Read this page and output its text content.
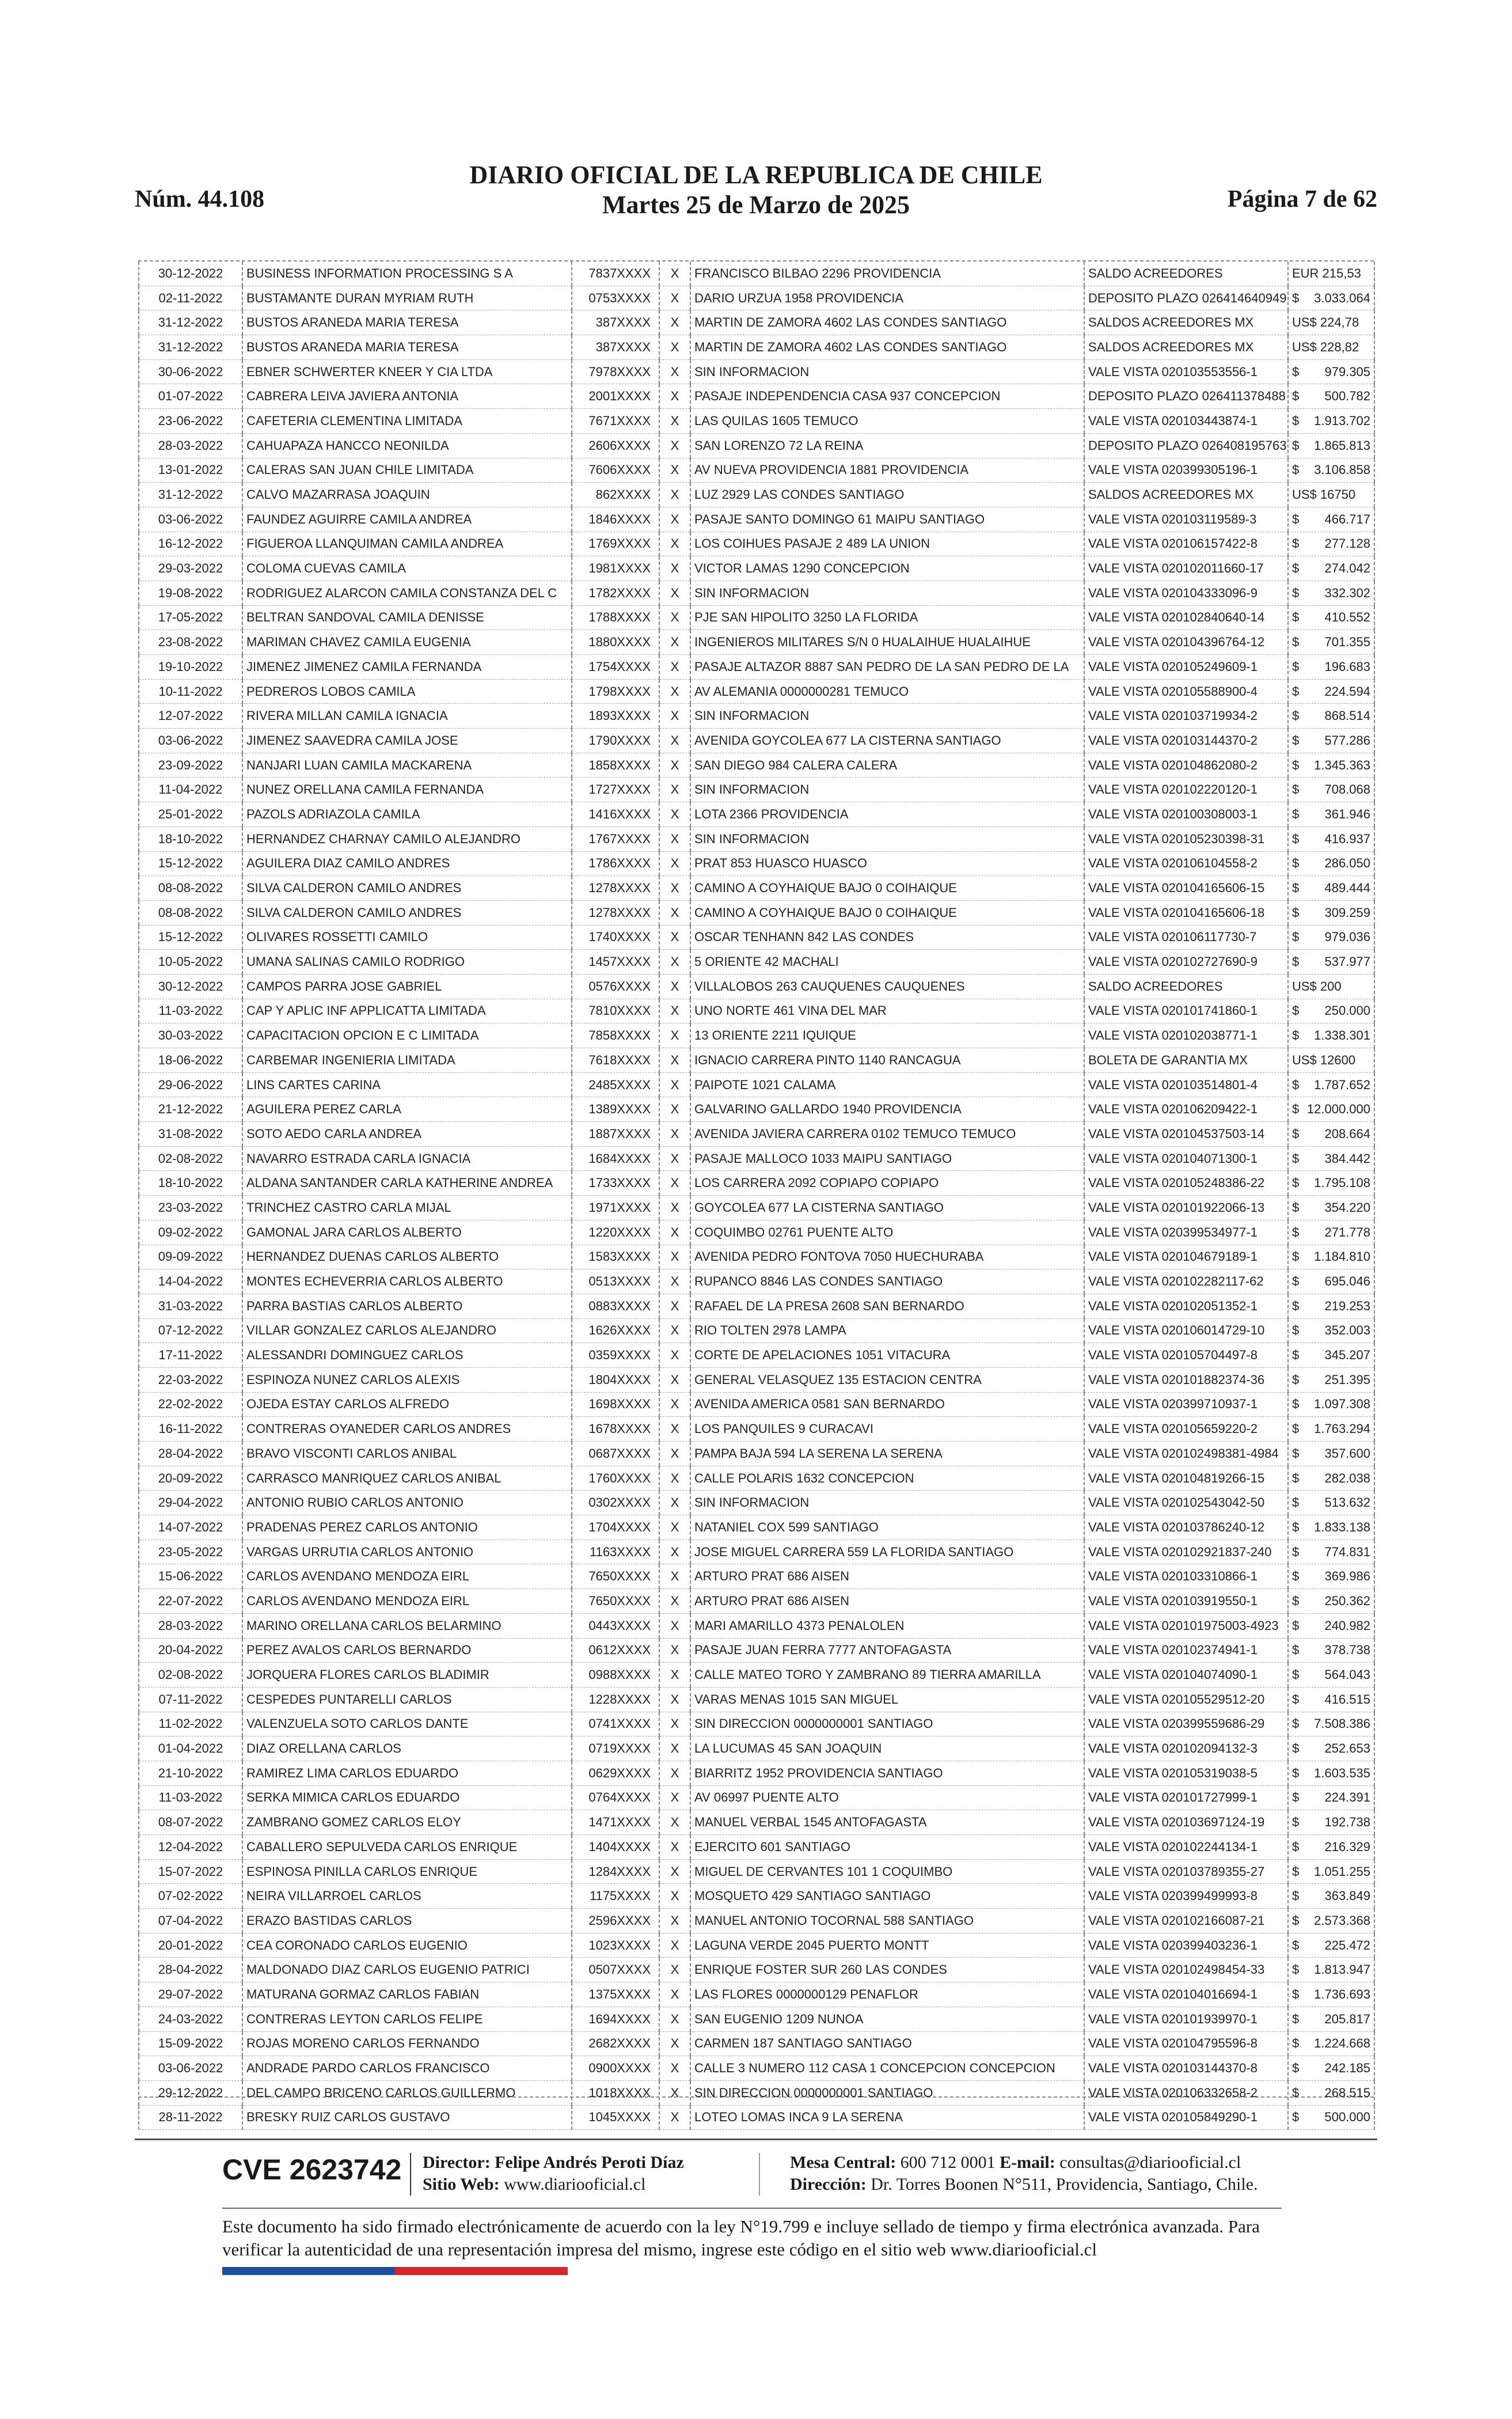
Núm. 44.108
DIARIO OFICIAL DE LA REPUBLICA DE CHILE
Martes 25 de Marzo de 2025	Página 7 de 62
30-12-2022	BUSINESS INFORMATION PROCESSING S A	7837XXXX	X	FRANCISCO BILBAO 2296 PROVIDENCIA	SALDO ACREEDORES	EUR 215,53
02-11-2022	BUSTAMANTE DURAN MYRIAM RUTH	0753XXXX	X	DARIO URZUA 1958 PROVIDENCIA	DEPOSITO PLAZO 026414640949	$ 3.033.064

31-12-2022	BUSTOS ARANEDA MARIA TERESA	387XXXX	X	MARTIN DE ZAMORA 4602 LAS CONDES SANTIAGO	SALDOS ACREEDORES MX	US$ 224,78
31-12-2022	BUSTOS ARANEDA MARIA TERESA	387XXXX	X	MARTIN DE ZAMORA 4602 LAS CONDES SANTIAGO	SALDOS ACREEDORES MX	US$ 228,82
30-06-2022	EBNER SCHWERTER KNEER Y CIA LTDA	7978XXXX	X	SIN INFORMACION	VALE VISTA 020103553556-1	$ 979.305

01-07-2022	CABRERA LEIVA JAVIERA ANTONIA	2001XXXX	X	PASAJE INDEPENDENCIA CASA 937 CONCEPCION	DEPOSITO PLAZO 026411378488	$ 500.782

23-06-2022	CAFETERIA CLEMENTINA LIMITADA	7671XXXX	X	LAS QUILAS 1605 TEMUCO	VALE VISTA 020103443874-1	$ 1.913.702

28-03-2022	CAHUAPAZA HANCCO NEONILDA	2606XXXX	X	SAN LORENZO 72 LA REINA	DEPOSITO PLAZO 026408195763	$ 1.865.813

13-01-2022	CALERAS SAN JUAN CHILE LIMITADA	7606XXXX	X	AV NUEVA PROVIDENCIA 1881 PROVIDENCIA	VALE VISTA 020399305196-1	$ 3.106.858

31-12-2022	CALVO MAZARRASA JOAQUIN	862XXXX	X	LUZ 2929 LAS CONDES SANTIAGO	SALDOS ACREEDORES MX	US$ 16750
03-06-2022	FAUNDEZ AGUIRRE CAMILA ANDREA	1846XXXX	X	PASAJE SANTO DOMINGO 61 MAIPU SANTIAGO	VALE VISTA 020103119589-3	$ 466.717

16-12-2022	FIGUEROA LLANQUIMAN CAMILA ANDREA	1769XXXX	X	LOS COIHUES PASAJE 2 489 LA UNION	VALE VISTA 020106157422-8	$ 277.128

29-03-2022	COLOMA CUEVAS CAMILA	1981XXXX	X	VICTOR LAMAS 1290 CONCEPCION	VALE VISTA 020102011660-17	$ 274.042

19-08-2022	RODRIGUEZ ALARCON CAMILA CONSTANZA DEL C	1782XXXX	X	SIN INFORMACION	VALE VISTA 020104333096-9	$ 332.302

17-05-2022	BELTRAN SANDOVAL CAMILA DENISSE	1788XXXX	X	PJE SAN HIPOLITO 3250 LA FLORIDA	VALE VISTA 020102840640-14	$ 410.552

23-08-2022	MARIMAN CHAVEZ CAMILA EUGENIA	1880XXXX	X	INGENIEROS MILITARES S/N 0 HUALAIHUE HUALAIHUE	VALE VISTA 020104396764-12	$ 701.355

19-10-2022	JIMENEZ JIMENEZ CAMILA FERNANDA	1754XXXX	X	PASAJE ALTAZOR 8887 SAN PEDRO DE LA SAN PEDRO DE LA	VALE VISTA 020105249609-1	$ 196.683

10-11-2022	PEDREROS LOBOS CAMILA	1798XXXX	X	AV ALEMANIA 0000000281 TEMUCO	VALE VISTA 020105588900-4	$ 224.594

12-07-2022	RIVERA MILLAN CAMILA IGNACIA	1893XXXX	X	SIN INFORMACION	VALE VISTA 020103719934-2	$ 868.514

03-06-2022	JIMENEZ SAAVEDRA CAMILA JOSE	1790XXXX	X	AVENIDA GOYCOLEA 677 LA CISTERNA SANTIAGO	VALE VISTA 020103144370-2	$ 577.286

23-09-2022	NANJARI LUAN CAMILA MACKARENA	1858XXXX	X	SAN DIEGO 984 CALERA CALERA	VALE VISTA 020104862080-2	$ 1.345.363

11-04-2022	NUNEZ ORELLANA CAMILA FERNANDA	1727XXXX	X	SIN INFORMACION	VALE VISTA 020102220120-1	$ 708.068

25-01-2022	PAZOLS ADRIAZOLA CAMILA	1416XXXX	X	LOTA 2366 PROVIDENCIA	VALE VISTA 020100308003-1	$ 361.946

18-10-2022	HERNANDEZ CHARNAY CAMILO ALEJANDRO	1767XXXX	X	SIN INFORMACION	VALE VISTA 020105230398-31	$ 416.937

15-12-2022	AGUILERA DIAZ CAMILO ANDRES	1786XXXX	X	PRAT 853 HUASCO HUASCO	VALE VISTA 020106104558-2	$ 286.050

08-08-2022	SILVA CALDERON CAMILO ANDRES	1278XXXX	X	CAMINO A COYHAIQUE BAJO 0 COIHAIQUE	VALE VISTA 020104165606-15	$ 489.444

08-08-2022	SILVA CALDERON CAMILO ANDRES	1278XXXX	X	CAMINO A COYHAIQUE BAJO 0 COIHAIQUE	VALE VISTA 020104165606-18	$ 309.259

15-12-2022	OLIVARES ROSSETTI CAMILO	1740XXXX	X	OSCAR TENHANN 842 LAS CONDES	VALE VISTA 020106117730-7	$ 979.036

10-05-2022	UMANA SALINAS CAMILO RODRIGO	1457XXXX	X	5 ORIENTE 42 MACHALI	VALE VISTA 020102727690-9	$ 537.977

30-12-2022	CAMPOS PARRA JOSE GABRIEL	0576XXXX	X	VILLALOBOS 263 CAUQUENES CAUQUENES	SALDO ACREEDORES	US$ 200
11-03-2022	CAP Y APLIC INF APPLICATTA LIMITADA	7810XXXX	X	UNO NORTE 461 VINA DEL MAR	VALE VISTA 020101741860-1	$ 250.000

30-03-2022	CAPACITACION OPCION E C LIMITADA	7858XXXX	X	13 ORIENTE 2211 IQUIQUE	VALE VISTA 020102038771-1	$ 1.338.301

18-06-2022	CARBEMAR INGENIERIA LIMITADA	7618XXXX	X	IGNACIO CARRERA PINTO 1140 RANCAGUA	BOLETA DE GARANTIA MX	US$ 12600
29-06-2022	LINS CARTES CARINA	2485XXXX	X	PAIPOTE 1021 CALAMA	VALE VISTA 020103514801-4	$ 1.787.652

21-12-2022	AGUILERA PEREZ CARLA	1389XXXX	X	GALVARINO GALLARDO 1940 PROVIDENCIA	VALE VISTA 020106209422-1	$ 12.000.000

31-08-2022	SOTO AEDO CARLA ANDREA	1887XXXX	X	AVENIDA JAVIERA CARRERA 0102 TEMUCO TEMUCO	VALE VISTA 020104537503-14	$ 208.664

02-08-2022	NAVARRO ESTRADA CARLA IGNACIA	1684XXXX	X	PASAJE MALLOCO 1033 MAIPU SANTIAGO	VALE VISTA 020104071300-1	$ 384.442

18-10-2022	ALDANA SANTANDER CARLA KATHERINE ANDREA	1733XXXX	X	LOS CARRERA 2092 COPIAPO COPIAPO	VALE VISTA 020105248386-22	$ 1.795.108

23-03-2022	TRINCHEZ CASTRO CARLA MIJAL	1971XXXX	X	GOYCOLEA 677 LA CISTERNA SANTIAGO	VALE VISTA 020101922066-13	$ 354.220

09-02-2022	GAMONAL JARA CARLOS ALBERTO	1220XXXX	X	COQUIMBO 02761 PUENTE ALTO	VALE VISTA 020399534977-1	$ 271.778

09-09-2022	HERNANDEZ DUENAS CARLOS ALBERTO	1583XXXX	X	AVENIDA PEDRO FONTOVA 7050 HUECHURABA	VALE VISTA 020104679189-1	$ 1.184.810

14-04-2022	MONTES ECHEVERRIA CARLOS ALBERTO	0513XXXX	X	RUPANCO 8846 LAS CONDES SANTIAGO	VALE VISTA 020102282117-62	$ 695.046

31-03-2022	PARRA BASTIAS CARLOS ALBERTO	0883XXXX	X	RAFAEL DE LA PRESA 2608 SAN BERNARDO	VALE VISTA 020102051352-1	$ 219.253

07-12-2022	VILLAR GONZALEZ CARLOS ALEJANDRO	1626XXXX	X	RIO TOLTEN 2978 LAMPA	VALE VISTA 020106014729-10	$ 352.003

17-11-2022	ALESSANDRI DOMINGUEZ CARLOS	0359XXXX	X	CORTE DE APELACIONES 1051 VITACURA	VALE VISTA 020105704497-8	$ 345.207

22-03-2022	ESPINOZA NUNEZ CARLOS ALEXIS	1804XXXX	X	GENERAL VELASQUEZ 135 ESTACION CENTRA	VALE VISTA 020101882374-36	$ 251.395

22-02-2022	OJEDA ESTAY CARLOS ALFREDO	1698XXXX	X	AVENIDA AMERICA 0581 SAN BERNARDO	VALE VISTA 020399710937-1	$ 1.097.308

16-11-2022	CONTRERAS OYANEDER CARLOS ANDRES	1678XXXX	X	LOS PANQUILES 9 CURACAVI	VALE VISTA 020105659220-2	$ 1.763.294

28-04-2022	BRAVO VISCONTI CARLOS ANIBAL	0687XXXX	X	PAMPA BAJA 594 LA SERENA LA SERENA	VALE VISTA 020102498381-4984	$ 357.600

20-09-2022	CARRASCO MANRIQUEZ CARLOS ANIBAL	1760XXXX	X	CALLE POLARIS 1632 CONCEPCION	VALE VISTA 020104819266-15	$ 282.038

29-04-2022	ANTONIO RUBIO CARLOS ANTONIO	0302XXXX	X	SIN INFORMACION	VALE VISTA 020102543042-50	$ 513.632

14-07-2022	PRADENAS PEREZ CARLOS ANTONIO	1704XXXX	X	NATANIEL COX 599 SANTIAGO	VALE VISTA 020103786240-12	$ 1.833.138

23-05-2022	VARGAS URRUTIA CARLOS ANTONIO	1163XXXX	X	JOSE MIGUEL CARRERA 559 LA FLORIDA SANTIAGO	VALE VISTA 020102921837-240	$ 774.831

15-06-2022	CARLOS AVENDANO MENDOZA EIRL	7650XXXX	X	ARTURO PRAT 686 AISEN	VALE VISTA 020103310866-1	$ 369.986

22-07-2022	CARLOS AVENDANO MENDOZA EIRL	7650XXXX	X	ARTURO PRAT 686 AISEN	VALE VISTA 020103919550-1	$ 250.362

28-03-2022	MARINO ORELLANA CARLOS BELARMINO	0443XXXX	X	MARI AMARILLO 4373 PENALOLEN	VALE VISTA 020101975003-4923	$ 240.982

20-04-2022	PEREZ AVALOS CARLOS BERNARDO	0612XXXX	X	PASAJE JUAN FERRA 7777 ANTOFAGASTA	VALE VISTA 020102374941-1	$ 378.738

02-08-2022	JORQUERA FLORES CARLOS BLADIMIR	0988XXXX	X	CALLE MATEO TORO Y ZAMBRANO 89 TIERRA AMARILLA	VALE VISTA 020104074090-1	$ 564.043

07-11-2022	CESPEDES PUNTARELLI CARLOS	1228XXXX	X	VARAS MENAS 1015 SAN MIGUEL	VALE VISTA 020105529512-20	$ 416.515

11-02-2022	VALENZUELA SOTO CARLOS DANTE	0741XXXX	X	SIN DIRECCION 0000000001 SANTIAGO	VALE VISTA 020399559686-29	$ 7.508.386

01-04-2022	DIAZ ORELLANA CARLOS	0719XXXX	X	LA LUCUMAS 45 SAN JOAQUIN	VALE VISTA 020102094132-3	$ 252.653

21-10-2022	RAMIREZ LIMA CARLOS EDUARDO	0629XXXX	X	BIARRITZ 1952 PROVIDENCIA SANTIAGO	VALE VISTA 020105319038-5	$ 1.603.535

11-03-2022	SERKA MIMICA CARLOS EDUARDO	0764XXXX	X	AV 06997 PUENTE ALTO	VALE VISTA 020101727999-1	$ 224.391

08-07-2022	ZAMBRANO GOMEZ CARLOS ELOY	1471XXXX	X	MANUEL VERBAL 1545 ANTOFAGASTA	VALE VISTA 020103697124-19	$ 192.738

12-04-2022	CABALLERO SEPULVEDA CARLOS ENRIQUE	1404XXXX	X	EJERCITO 601 SANTIAGO	VALE VISTA 020102244134-1	$ 216.329

15-07-2022	ESPINOSA PINILLA CARLOS ENRIQUE	1284XXXX	X	MIGUEL DE CERVANTES 101 1 COQUIMBO	VALE VISTA 020103789355-27	$ 1.051.255

07-02-2022	NEIRA VILLARROEL CARLOS	1175XXXX	X	MOSQUETO 429 SANTIAGO SANTIAGO	VALE VISTA 020399499993-8	$ 363.849

07-04-2022	ERAZO BASTIDAS CARLOS	2596XXXX	X	MANUEL ANTONIO TOCORNAL 588 SANTIAGO	VALE VISTA 020102166087-21	$ 2.573.368

20-01-2022	CEA CORONADO CARLOS EUGENIO	1023XXXX	X	LAGUNA VERDE 2045 PUERTO MONTT	VALE VISTA 020399403236-1	$ 225.472

28-04-2022	MALDONADO DIAZ CARLOS EUGENIO PATRICI	0507XXXX	X	ENRIQUE FOSTER SUR 260 LAS CONDES	VALE VISTA 020102498454-33	$ 1.813.947

29-07-2022	MATURANA GORMAZ CARLOS FABIAN	1375XXXX	X	LAS FLORES 0000000129 PENAFLOR	VALE VISTA 020104016694-1	$ 1.736.693

24-03-2022	CONTRERAS LEYTON CARLOS FELIPE	1694XXXX	X	SAN EUGENIO 1209 NUNOA	VALE VISTA 020101939970-1	$ 205.817

15-09-2022	ROJAS MORENO CARLOS FERNANDO	2682XXXX	X	CARMEN 187 SANTIAGO SANTIAGO	VALE VISTA 020104795596-8	$ 1.224.668

03-06-2022	ANDRADE PARDO CARLOS FRANCISCO	0900XXXX	X	CALLE 3 NUMERO 112 CASA 1 CONCEPCION CONCEPCION	VALE VISTA 020103144370-8	$ 242.185

29-12-2022	DEL CAMPO BRICENO CARLOS GUILLERMO	1018XXXX	X	SIN DIRECCION 0000000001 SANTIAGO	VALE VISTA 020106332658-2	$ 268.515

28-11-2022	BRESKY RUIZ CARLOS GUSTAVO	1045XXXX	X	LOTEO LOMAS INCA 9 LA SERENA	VALE VISTA 020105849290-1	$ 500.000
CVE 2623742 Director: Felipe Andrés Peroti Díaz
Sitio Web: www.diariooficial.cl
Mesa Central: 600 712 0001 E-mail: consultas@diariooficial.cl
Dirección: Dr. Torres Boonen N°511, Providencia, Santiago, Chile.
Este documento ha sido firmado electrónicamente de acuerdo con la ley N°19.799 e incluye sellado de tiempo y firma electrónica avanzada. Para verificar la autenticidad de una representación impresa del mismo, ingrese este código en el sitio web www.diariooficial.cl
